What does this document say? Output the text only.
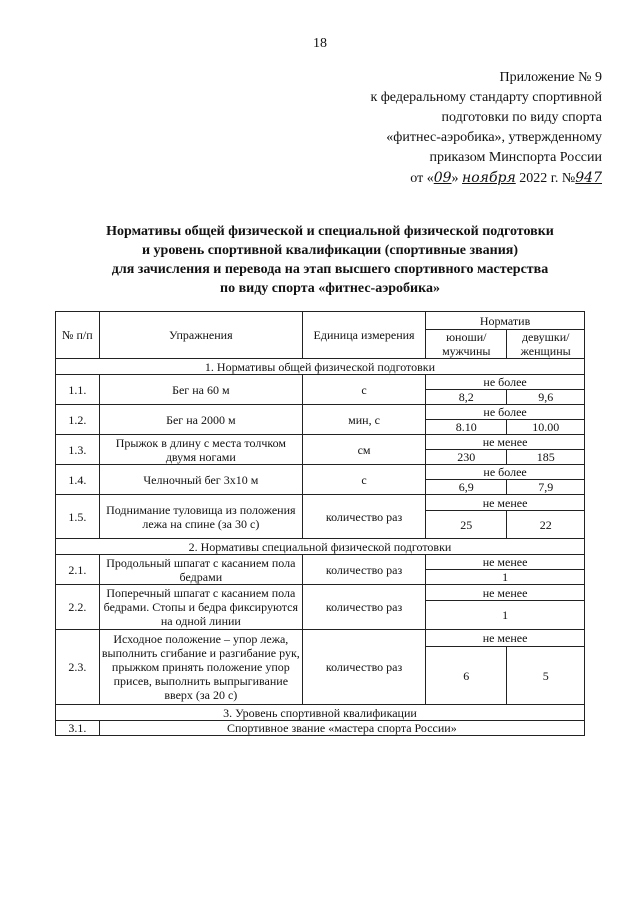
18
Приложение № 9
к федеральному стандарту спортивной
подготовки по виду спорта
«фитнес-аэробика», утвержденному
приказом Минспорта России
от «09» ноября 2022 г. №947
Нормативы общей физической и специальной физической подготовки
и уровень спортивной квалификации (спортивные звания)
для зачисления и перевода на этап высшего спортивного мастерства
по виду спорта «фитнес-аэробика»
№ п/п	Упражнения	Единица измерения	Норматив	
			юноши/ мужчины	девушки/ женщины
1. Нормативы общей физической подготовки				
1.1.	Бег на 60 м	с	не более	
			8,2	9,6
1.2.	Бег на 2000 м	мин, с	не более	
			8.10	10.00
1.3.	Прыжок в длину с места толчком двумя ногами	см	не менее	
			230	185
1.4.	Челночный бег 3х10 м	с	не более	
			6,9	7,9
1.5.	Поднимание туловища из положения лежа на спине (за 30 с)	количество раз	не менее	
			25	22
2. Нормативы специальной физической подготовки				
2.1.	Продольный шпагат с касанием пола бедрами	количество раз	не менее	
			1	
2.2.	Поперечный шпагат с касанием пола бедрами. Стопы и бедра фиксируются на одной линии	количество раз	не менее	
			1	
2.3.	Исходное положение – упор лежа, выполнить сгибание и разгибание рук, прыжком принять положение упор присев, выполнить выпрыгивание вверх (за 20 с)	количество раз	не менее	
			6	5
3. Уровень спортивной квалификации				
3.1.	Спортивное звание «мастера спорта России»			
